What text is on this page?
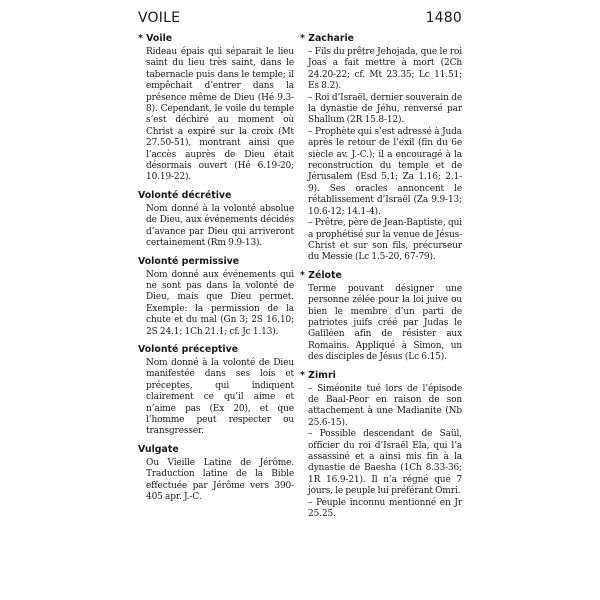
VOILE	1480
* Voile

Rideau épais qui séparait le lieu saint du lieu très saint, dans le tabernacle puis dans le temple; il empêchait d’entrer dans la présence même de Dieu (Hé 9.3-8). Cependant, le voile du temple s’est déchiré au moment où Christ a expiré sur la croix (Mt 27.50-51), montrant ainsi que l’accès auprès de Dieu était désormais ouvert (Hé 6.19-20; 10.19-22).

Volonté décrétive

Nom donné à la volonté absolue de Dieu, aux événements décidés d’avance par Dieu qui arriveront certainement (Rm 9.9-13).

Volonté permissive

Nom donné aux événements qui ne sont pas dans la volonté de Dieu, mais que Dieu permet. Exemple: la permission de la chute et du mal (Gn 3; 2S 16.10; 2S 24.1; 1Ch 21.1; cf. Jc 1.13).

Volonté préceptive

Nom donné à la volonté de Dieu manifestée dans ses lois et préceptes, qui indiquent clairement ce qu’il aime et n’aime pas (Ex 20), et que l’homme peut respecter ou transgresser.

Vulgate

Ou Vieille Latine de Jérôme. Traduction latine de la Bible effectuée par Jérôme vers 390-405 apr. J.-C.

* Zacharie

– Fils du prêtre Jehojada, que le roi Joas a fait mettre à mort (2Ch 24.20-22; cf. Mt 23.35; Lc 11.51; Es 8.2).

– Roi d’Israël, dernier souverain de la dynastie de Jéhu, renversé par Shallum (2R 15.8-12).

– Prophète qui s’est adressé à Juda après le retour de l’exil (fin du 6e siècle av. J.-C.); il a encouragé à la reconstruction du temple et de Jérusalem (Esd 5.1; Za 1.16; 2.1-9). Ses oracles annoncent le rétablissement d’Israël (Za 9.9-13; 10.6-12; 14.1-4).

– Prêtre, père de Jean-Baptiste, qui a prophétisé sur la venue de Jésus-Christ et sur son fils, précurseur du Messie (Lc 1.5-20, 67-79).

* Zélote

Terme pouvant désigner une personne zélée pour la loi juive ou bien le membre d’un parti de patriotes juifs créé par Judas le Galiléen afin de résister aux Romains. Appliqué à Simon, un des disciples de Jésus (Lc 6.15).

* Zimri

– Siméonite tué lors de l’épisode de Baal-Peor en raison de son attachement à une Madianite (Nb 25.6-15).

– Possible descendant de Saül, officier du roi d’Israël Ela, qui l’a assassiné et a ainsi mis fin à la dynastie de Baesha (1Ch 8.33-36; 1R 16.9-21). Il n’a régné que 7 jours, le peuple lui préférant Omri.

– Peuple inconnu mentionné en Jr 25.25.
